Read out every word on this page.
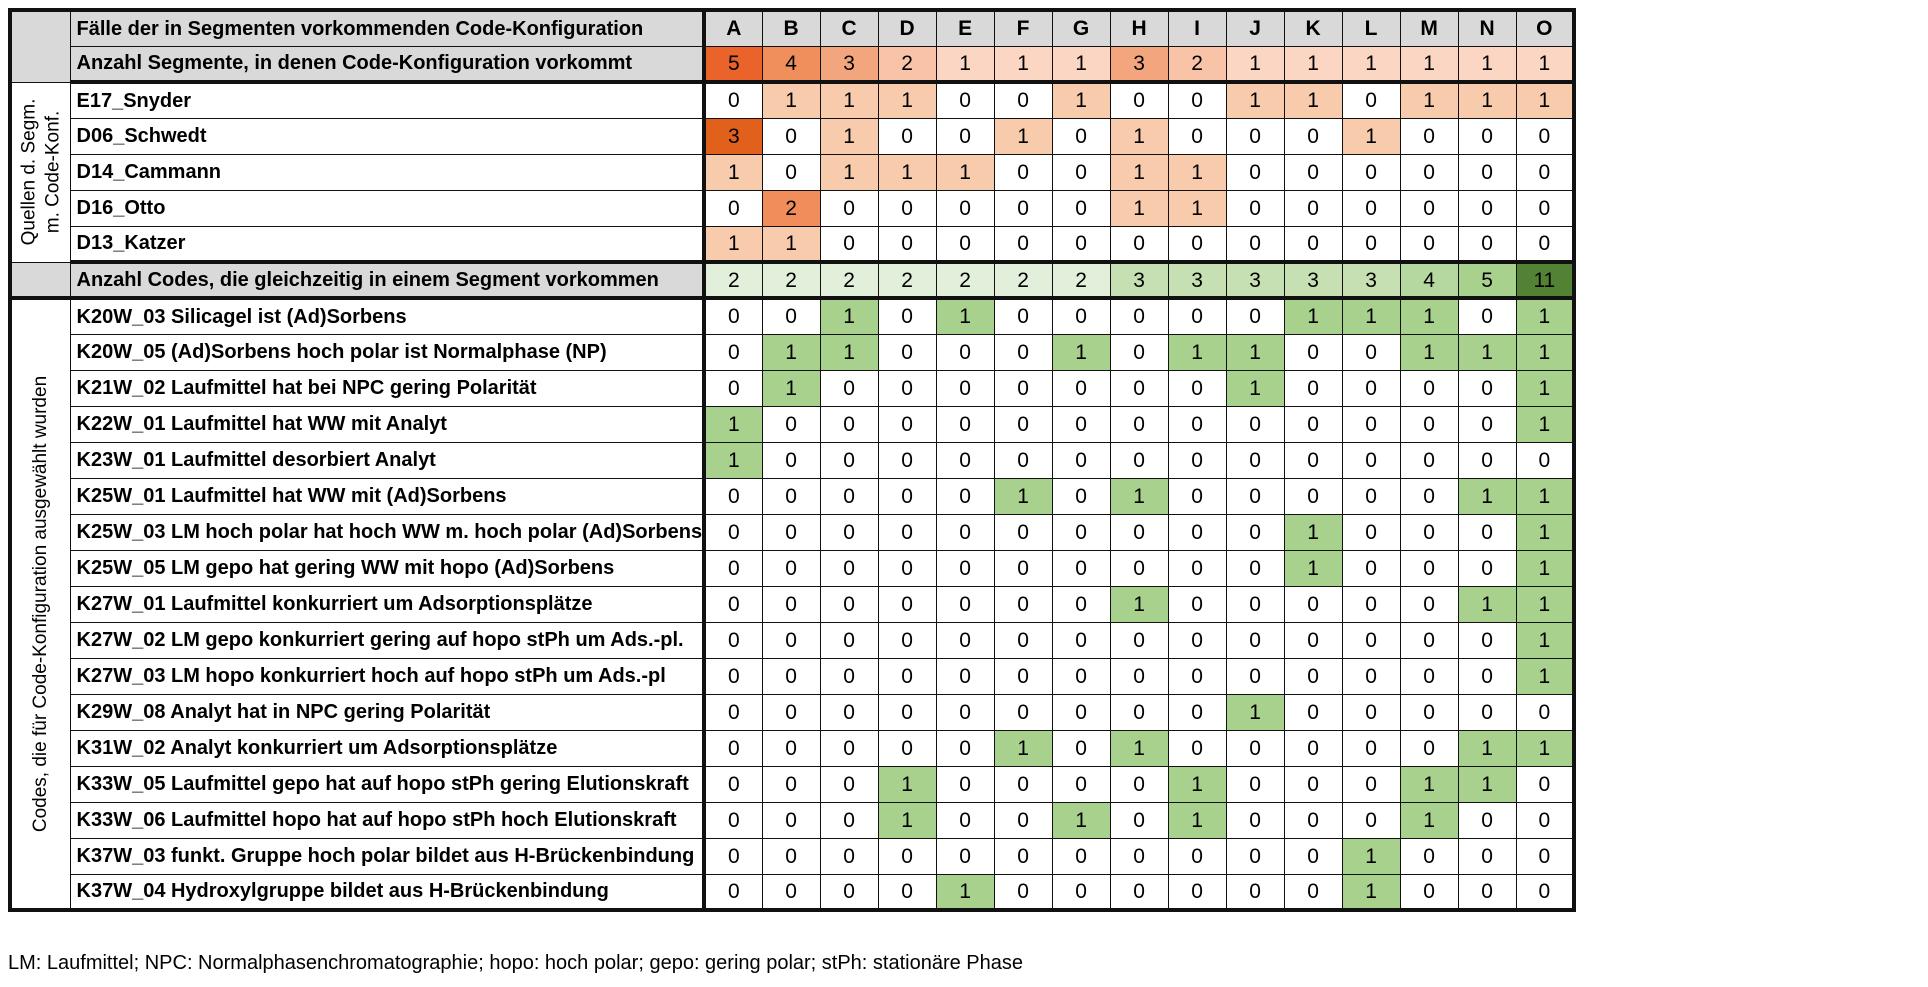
	Fälle der in Segmenten vorkommenden Code-Konfiguration	A	B	C	D	E	F	G	H	I	J	K	L	M	N	O
	Anzahl Segmente, in denen Code-Konfiguration vorkommt	5	4	3	2	1	1	1	3	2	1	1	1	1	1	1

Quellen d. Segm.
m. Code-Konf.	E17_Snyder	0	1	1	1	0	0	1	0	0	1	1	0	1	1	1
	D06_Schwedt	3	0	1	0	0	1	0	1	0	0	0	1	0	0	0
	D14_Cammann	1	0	1	1	1	0	0	1	1	0	0	0	0	0	0
	D16_Otto	0	2	0	0	0	0	0	1	1	0	0	0	0	0	0
	D13_Katzer	1	1	0	0	0	0	0	0	0	0	0	0	0	0	0
	Anzahl Codes, die gleichzeitig in einem Segment vorkommen	2	2	2	2	2	2	2	3	3	3	3	3	4	5	11

Codes, die für Code-Konfiguration ausgewählt wurden	K20W_03 Silicagel ist (Ad)Sorbens	0	0	1	0	1	0	0	0	0	0	1	1	1	0	1
	K20W_05 (Ad)Sorbens hoch polar ist Normalphase (NP)	0	1	1	0	0	0	1	0	1	1	0	0	1	1	1
	K21W_02 Laufmittel hat bei NPC gering Polarität	0	1	0	0	0	0	0	0	0	1	0	0	0	0	1
	K22W_01 Laufmittel hat WW mit Analyt	1	0	0	0	0	0	0	0	0	0	0	0	0	0	1
	K23W_01 Laufmittel desorbiert Analyt	1	0	0	0	0	0	0	0	0	0	0	0	0	0	0
	K25W_01 Laufmittel hat WW mit (Ad)Sorbens	0	0	0	0	0	1	0	1	0	0	0	0	0	1	1
	K25W_03 LM hoch polar hat hoch WW m. hoch polar (Ad)Sorbens	0	0	0	0	0	0	0	0	0	0	1	0	0	0	1
	K25W_05 LM gepo hat gering WW mit hopo (Ad)Sorbens	0	0	0	0	0	0	0	0	0	0	1	0	0	0	1
	K27W_01 Laufmittel konkurriert um Adsorptionsplätze	0	0	0	0	0	0	0	1	0	0	0	0	0	1	1
	K27W_02 LM gepo konkurriert gering auf hopo stPh um Ads.-pl.	0	0	0	0	0	0	0	0	0	0	0	0	0	0	1
	K27W_03 LM hopo konkurriert hoch auf hopo stPh um Ads.-pl	0	0	0	0	0	0	0	0	0	0	0	0	0	0	1
	K29W_08 Analyt hat in NPC gering Polarität	0	0	0	0	0	0	0	0	0	1	0	0	0	0	0
	K31W_02 Analyt konkurriert um Adsorptionsplätze	0	0	0	0	0	1	0	1	0	0	0	0	0	1	1
	K33W_05 Laufmittel gepo hat auf hopo stPh gering Elutionskraft	0	0	0	1	0	0	0	0	1	0	0	0	1	1	0
	K33W_06 Laufmittel hopo hat auf hopo stPh hoch Elutionskraft	0	0	0	1	0	0	1	0	1	0	0	0	1	0	0
	K37W_03 funkt. Gruppe hoch polar bildet aus H-Brückenbindung	0	0	0	0	0	0	0	0	0	0	0	1	0	0	0
	K37W_04 Hydroxylgruppe bildet aus H-Brückenbindung	0	0	0	0	1	0	0	0	0	0	0	1	0	0	0
LM: Laufmittel; NPC: Normalphasenchromatographie; hopo: hoch polar; gepo: gering polar; stPh: stationäre Phase
